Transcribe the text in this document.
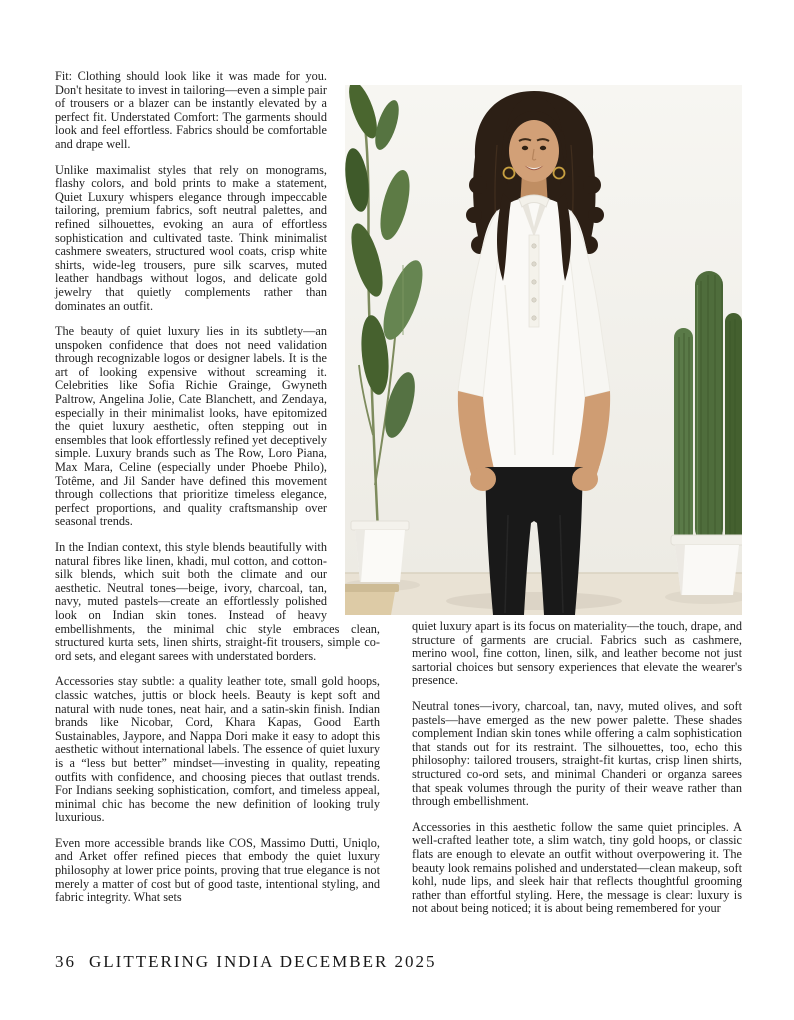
Fit: Clothing should look like it was made for you. Don't hesitate to invest in tailoring—even a simple pair of trousers or a blazer can be instantly elevated by a perfect fit. Understated Comfort: The garments should look and feel effortless. Fabrics should be comfortable and drape well.

Unlike maximalist styles that rely on monograms, flashy colors, and bold prints to make a statement, Quiet Luxury whispers elegance through impeccable tailoring, premium fabrics, soft neutral palettes, and refined silhouettes, evoking an aura of effortless sophistication and cultivated taste. Think minimalist cashmere sweaters, structured wool coats, crisp white shirts, wide-leg trousers, pure silk scarves, muted leather handbags without logos, and delicate gold jewelry that quietly complements rather than dominates an outfit.

The beauty of quiet luxury lies in its subtlety—an unspoken confidence that does not need validation through recognizable logos or designer labels. It is the art of looking expensive without screaming it. Celebrities like Sofia Richie Grainge, Gwyneth Paltrow, Angelina Jolie, Cate Blanchett, and Zendaya, especially in their minimalist looks, have epitomized the quiet luxury aesthetic, often stepping out in ensembles that look effortlessly refined yet deceptively simple. Luxury brands such as The Row, Loro Piana, Max Mara, Celine (especially under Phoebe Philo), Totême, and Jil Sander have defined this movement through collections that prioritize timeless elegance, perfect proportions, and quality craftsmanship over seasonal trends.

In the Indian context, this style blends beautifully with natural fibres like linen, khadi, mul cotton, and cotton-silk blends, which suit both the climate and our aesthetic. Neutral tones—beige, ivory, charcoal, tan, navy, muted pastels—create an effortlessly polished look on Indian skin tones. Instead of heavy embellishments, the minimal chic style embraces clean, structured kurta sets, linen shirts, straight-fit trousers, simple co-ord sets, and elegant sarees with understated borders.

Accessories stay subtle: a quality leather tote, small gold hoops, classic watches, juttis or block heels. Beauty is kept soft and natural with nude tones, neat hair, and a satin-skin finish. Indian brands like Nicobar, Cord, Khara Kapas, Good Earth Sustainables, Jaypore, and Nappa Dori make it easy to adopt this aesthetic without international labels. The essence of quiet luxury is a “less but better” mindset—investing in quality, repeating outfits with confidence, and choosing pieces that outlast trends. For Indians seeking sophistication, comfort, and timeless appeal, minimal chic has become the new definition of looking truly luxurious.

Even more accessible brands like COS, Massimo Dutti, Uniqlo, and Arket offer refined pieces that embody the quiet luxury philosophy at lower price points, proving that true elegance is not merely a matter of cost but of good taste, intentional styling, and fabric integrity. What sets

quiet luxury apart is its focus on materiality—the touch, drape, and structure of garments are crucial. Fabrics such as cashmere, merino wool, fine cotton, linen, silk, and leather become not just sartorial choices but sensory experiences that elevate the wearer's presence.

Neutral tones—ivory, charcoal, tan, navy, muted olives, and soft pastels—have emerged as the new power palette. These shades complement Indian skin tones while offering a calm sophistication that stands out for its restraint. The silhouettes, too, echo this philosophy: tailored trousers, straight-fit kurtas, crisp linen shirts, structured co-ord sets, and minimal Chanderi or organza sarees that speak volumes through the purity of their weave rather than through embellishment.

Accessories in this aesthetic follow the same quiet principles. A well-crafted leather tote, a slim watch, tiny gold hoops, or classic flats are enough to elevate an outfit without overpowering it. The beauty look remains polished and understated—clean makeup, soft kohl, nude lips, and sleek hair that reflects thoughtful grooming rather than effortful styling. Here, the message is clear: luxury is not about being noticed; it is about being remembered for your

36 GLITTERING INDIA DECEMBER 2025
